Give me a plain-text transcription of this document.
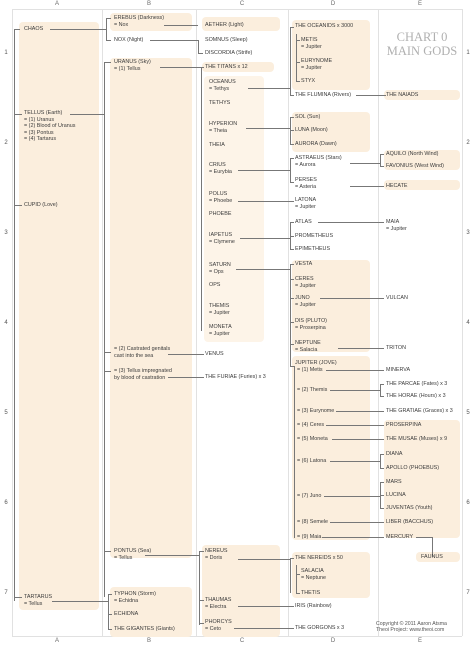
A	B	C	D	E
A	B	C	D	E
1
2
3
4
5
6
7
1
2
3
4
5
6
7
CHART 0
MAIN GODS
CHAOS
TELLUS (Earth)
= (1) Uranus
= (2) Blood of Uranus
= (3) Pontus
= (4) Tartarus
CUPID (Love)
TARTARUS
= Tellus
EREBUS (Darkness)
= Nox
NOX (Night)
URANUS (Sky)
= (1) Tellus
= (2) Castrated genitals
cast into the sea
= (3) Tellus impregnated
by blood of castration
PONTUS (Sea)
= Tellus
TYPHON (Storm)
= Echidna
ECHIDNA
THE GIGANTES (Giants)
AETHER (Light)
SOMNUS (Sleep)
DISCORDIA (Strife)
THE TITANS x 12
OCEANUS
= Tethys
TETHYS
HYPERION
= Theia
THEIA
CRIUS
= Eurybia
POLUS
= Phoebe
PHOEBE
IAPETUS
= Clymene
SATURN
= Ops
OPS
THEMIS
= Jupiter
MONETA
= Jupiter
VENUS
THE FURIAE (Furies) x 3
NEREUS
= Doris
THAUMAS
= Electra
PHORCYS
= Ceto
THE OCEANIDS x 3000
METIS
= Jupiter
EURYNOME
= Jupiter
STYX
THE FLUMINA (Rivers)
SOL (Sun)
LUNA (Moon)
AURORA (Dawn)
ASTRAEUS (Stars)
= Aurora
PERSES
= Asteria
LATONA
= Jupiter
ATLAS
PROMETHEUS
EPIMETHEUS
VESTA
CERES
= Jupiter
JUNO
= Jupiter
DIS (PLUTO)
= Proserpina
NEPTUNE
= Salacia
JUPITER (JOVE)
= (1) Metis
= (2) Themis
= (3) Eurynome
= (4) Ceres
= (5) Moneta
= (6) Latona
= (7) Juno
= (8) Semele
= (9) Maia
THE NEREIDS x 50
SALACIA
= Neptune
THETIS
IRIS (Rainbow)
THE GORGONS x 3
THE NAIADS
AQUILO (North Wind)
FAVONIUS (West Wind)
HECATE
MAIA
= Jupiter
VULCAN
TRITON
MINERVA
THE PARCAE (Fates) x 3
THE HORAE (Hours) x 3
THE GRATIAE (Graces) x 3
PROSERPINA
THE MUSAE (Muses) x 9
DIANA
APOLLO (PHOEBUS)
MARS
LUCINA
JUVENTAS (Youth)
LIBER (BACCHUS)
MERCURY
FAUNUS
Copyright © 2011 Aaron Atsma
Theoi Project: www.theoi.com
